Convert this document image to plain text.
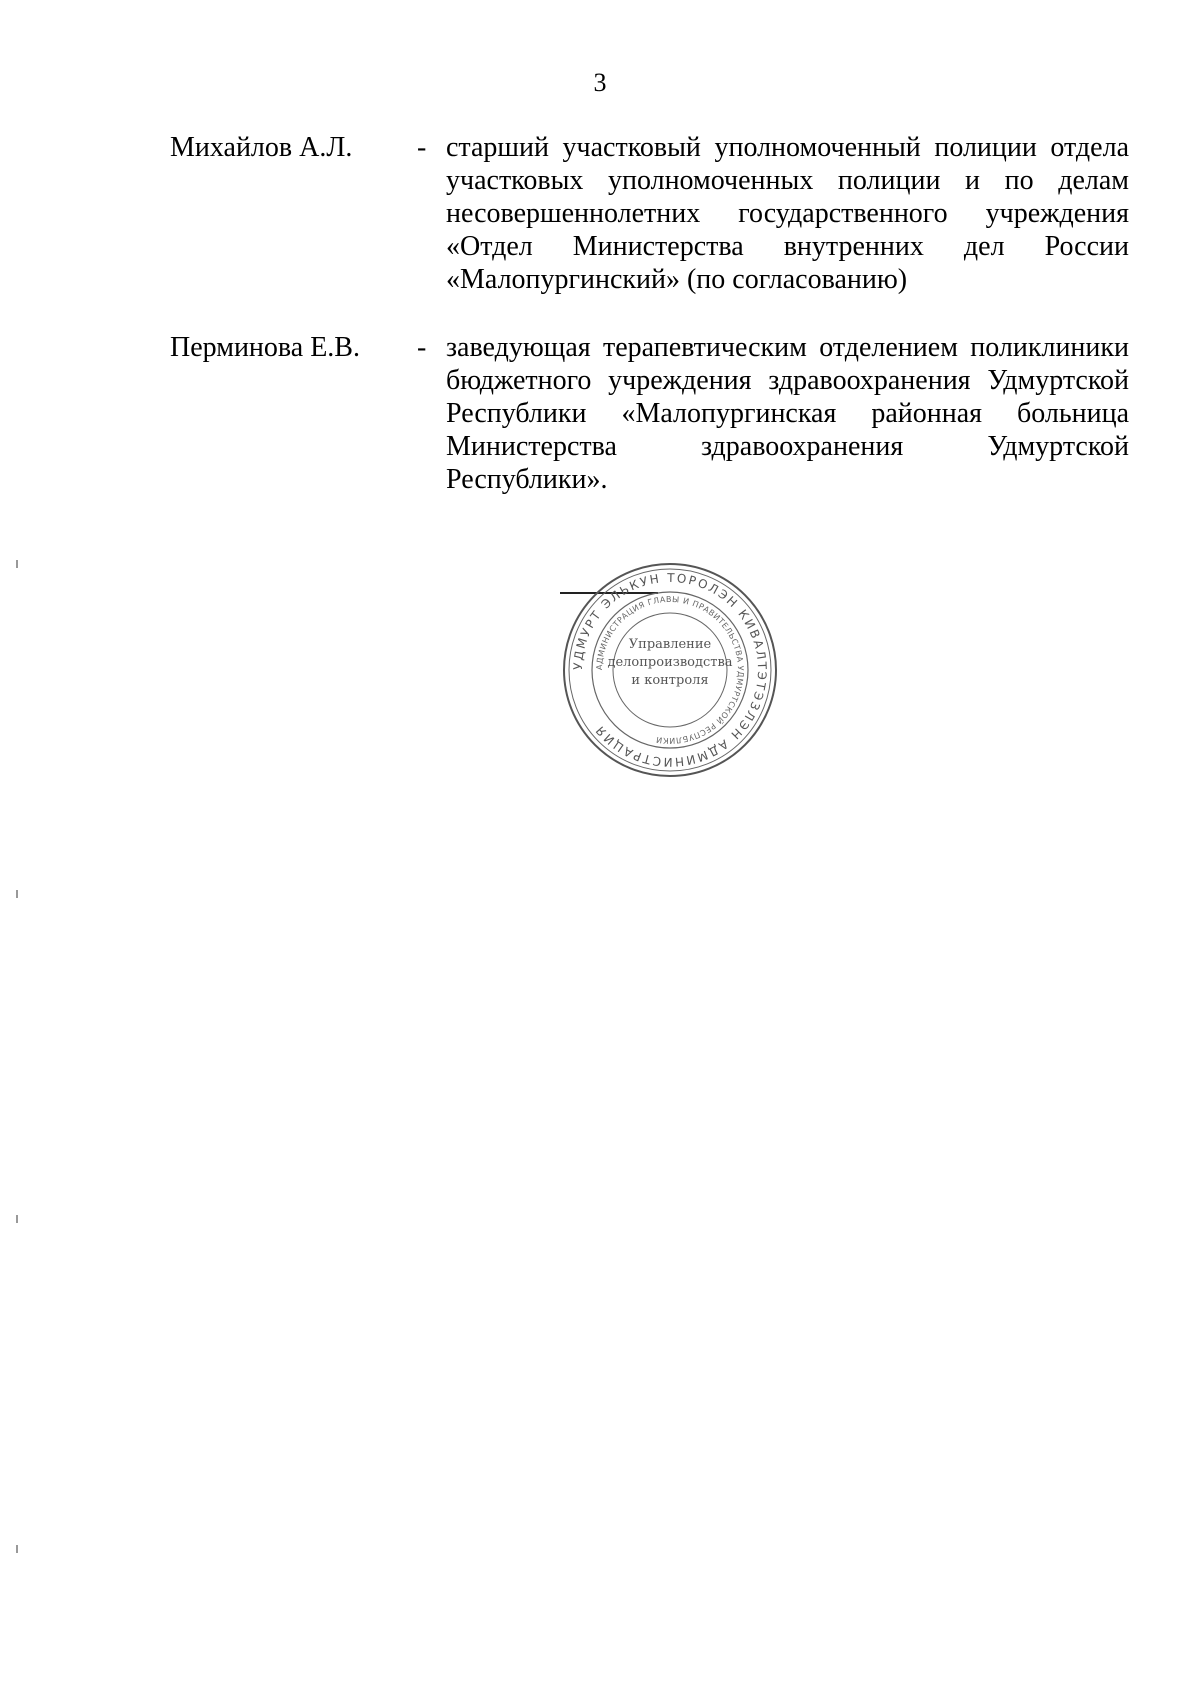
3
Михайлов А.Л. - старший участковый уполномоченный полиции отдела
участковых уполномоченных полиции и по делам
несовершеннолетних государственного учреждения
«Отдел Министерства внутренних дел России
«Малопургинский» (по согласованию)
Перминова Е.В. - заведующая терапевтическим отделением поликлиники
бюджетного учреждения здравоохранения Удмуртской
Республики «Малопургинская районная больница
Министерства здравоохранения Удмуртской
Республики».
УДМУРТ ЭЛЬКУН ТОРОЛЭН КИВАЛТЭТЭЗЛЭН АДМИНИСТРАЦИЯ
АДМИНИСТРАЦИЯ ГЛАВЫ И ПРАВИТЕЛЬСТВА УДМУРТСКОЙ РЕСПУБЛИКИ
Управление
делопроизводства
и контроля
